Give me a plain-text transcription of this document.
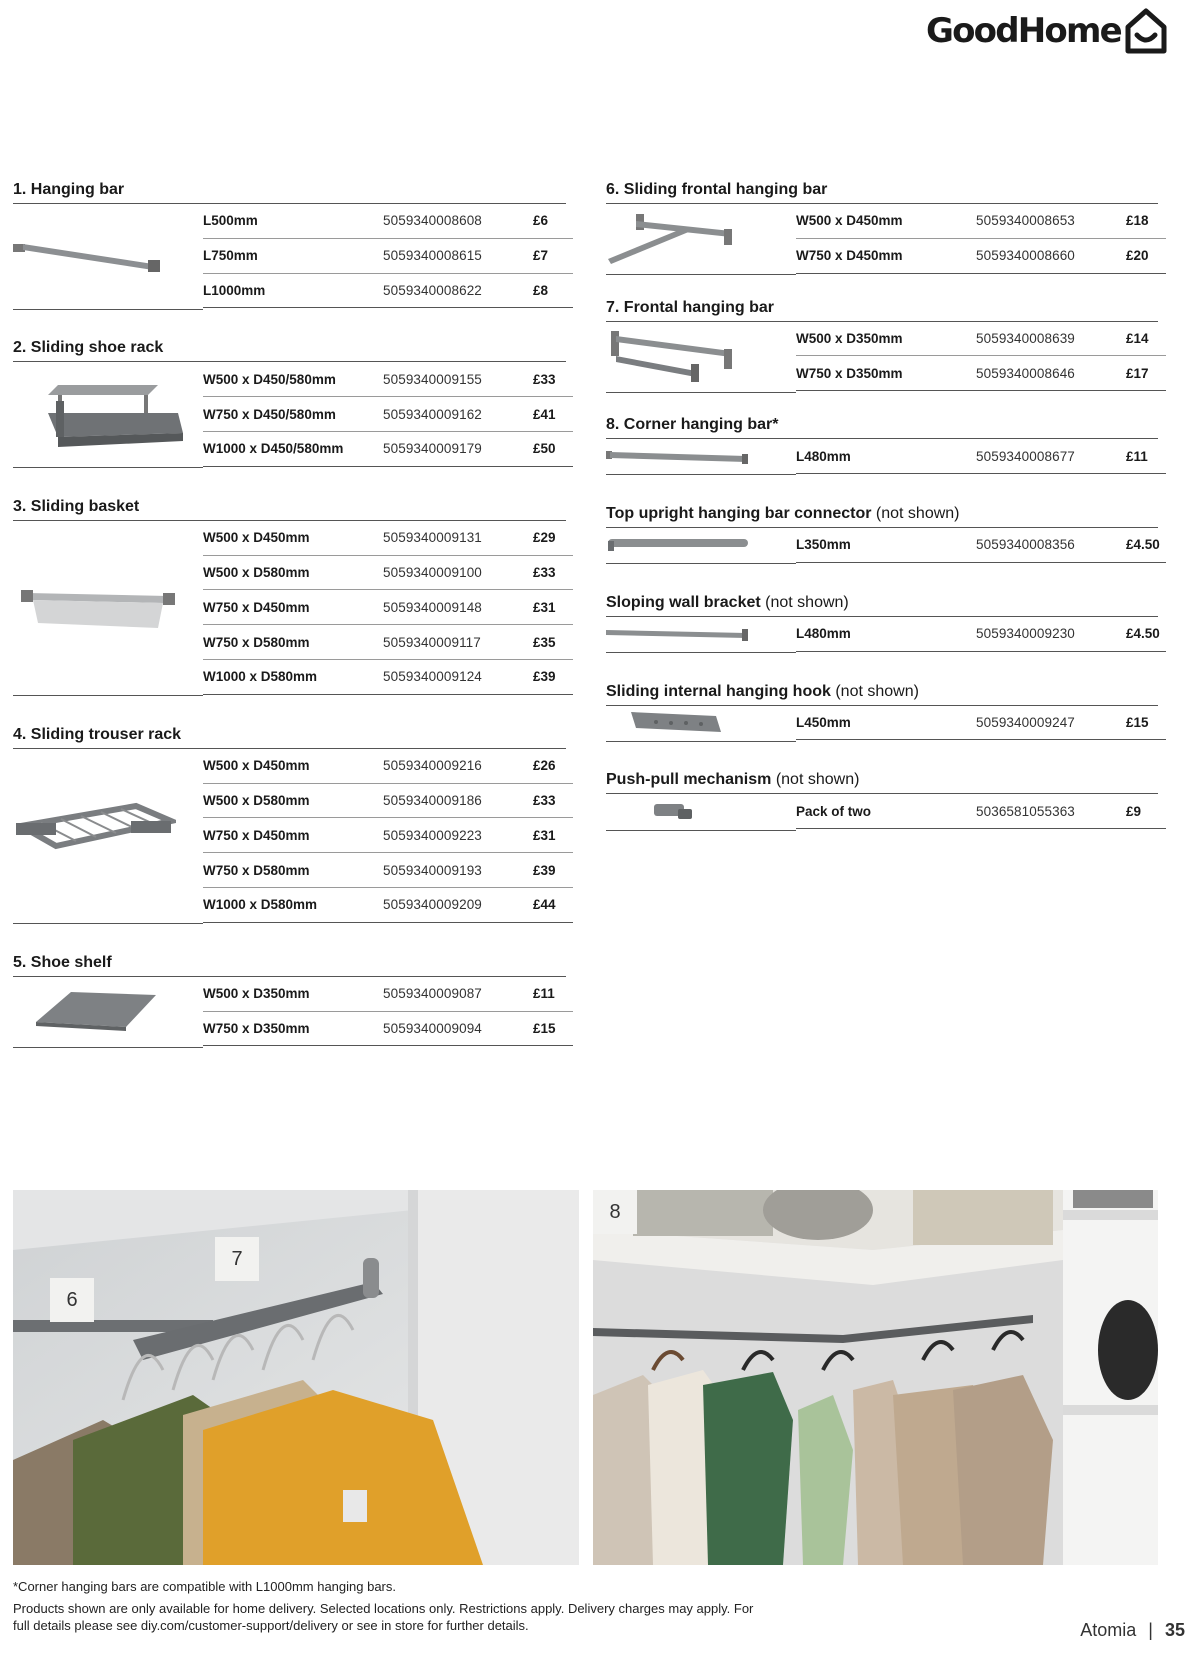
GoodHome
1. Hanging bar
L500mm	5059340008608	£6
L750mm	5059340008615	£7
L1000mm	5059340008622	£8
2. Sliding shoe rack
W500 x D450/580mm	5059340009155	£33
W750 x D450/580mm	5059340009162	£41
W1000 x D450/580mm	5059340009179	£50
3. Sliding basket
W500 x D450mm	5059340009131	£29
W500 x D580mm	5059340009100	£33
W750 x D450mm	5059340009148	£31
W750 x D580mm	5059340009117	£35
W1000 x D580mm	5059340009124	£39
4. Sliding trouser rack
W500 x D450mm	5059340009216	£26
W500 x D580mm	5059340009186	£33
W750 x D450mm	5059340009223	£31
W750 x D580mm	5059340009193	£39
W1000 x D580mm	5059340009209	£44
5. Shoe shelf
W500 x D350mm	5059340009087	£11
W750 x D350mm	5059340009094	£15
6. Sliding frontal hanging bar
W500 x D450mm	5059340008653	£18
W750 x D450mm	5059340008660	£20
7. Frontal hanging bar
W500 x D350mm	5059340008639	£14
W750 x D350mm	5059340008646	£17
8. Corner hanging bar*
L480mm	5059340008677	£11
Top upright hanging bar connector (not shown)
L350mm	5059340008356	£4.50
Sloping wall bracket (not shown)
L480mm	5059340009230	£4.50
Sliding internal hanging hook (not shown)
L450mm	5059340009247	£15
Push-pull mechanism (not shown)
Pack of two	5036581055363	£9
6
7
8

*Corner hanging bars are compatible with L1000mm hanging bars.

Products shown are only available for home delivery. Selected locations only. Restrictions apply. Delivery charges may apply. For full details please see diy.com/customer-support/delivery or see in store for further details.	Atomia | 35
